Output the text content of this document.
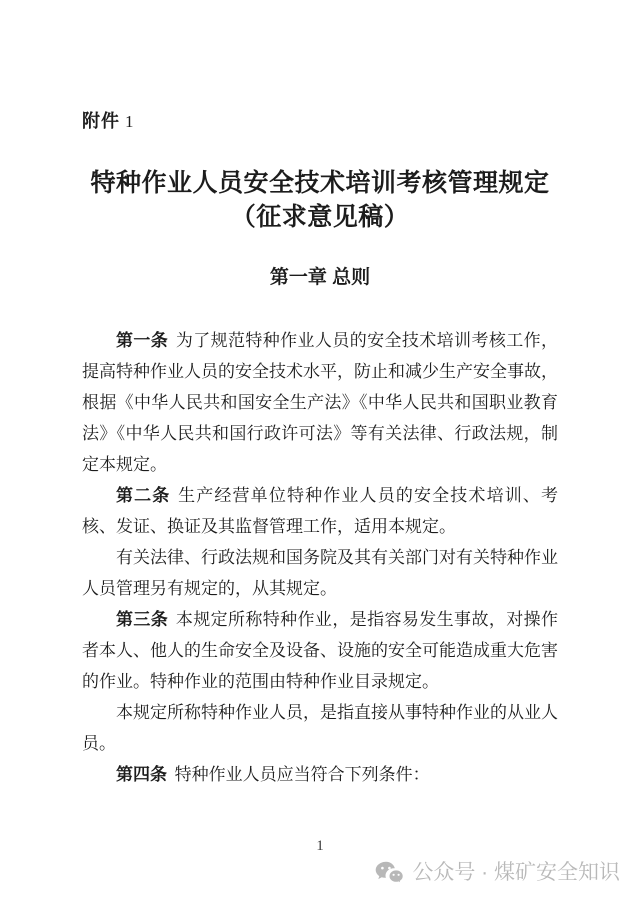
附件 1
特种作业人员安全技术培训考核管理规定
（征求意见稿）
第一章 总则

第一条 为了规范特种作业人员的安全技术培训考核工作，提高特种作业人员的安全技术水平，防止和减少生产安全事故，根据《中华人民共和国安全生产法》《中华人民共和国职业教育法》《中华人民共和国行政许可法》等有关法律、行政法规，制定本规定。

第二条 生产经营单位特种作业人员的安全技术培训、考核、发证、换证及其监督管理工作，适用本规定。

有关法律、行政法规和国务院及其有关部门对有关特种作业人员管理另有规定的，从其规定。

第三条 本规定所称特种作业，是指容易发生事故，对操作者本人、他人的生命安全及设备、设施的安全可能造成重大危害的作业。特种作业的范围由特种作业目录规定。

本规定所称特种作业人员，是指直接从事特种作业的从业人员。

第四条 特种作业人员应当符合下列条件：

1
公众号 · 煤矿安全知识
